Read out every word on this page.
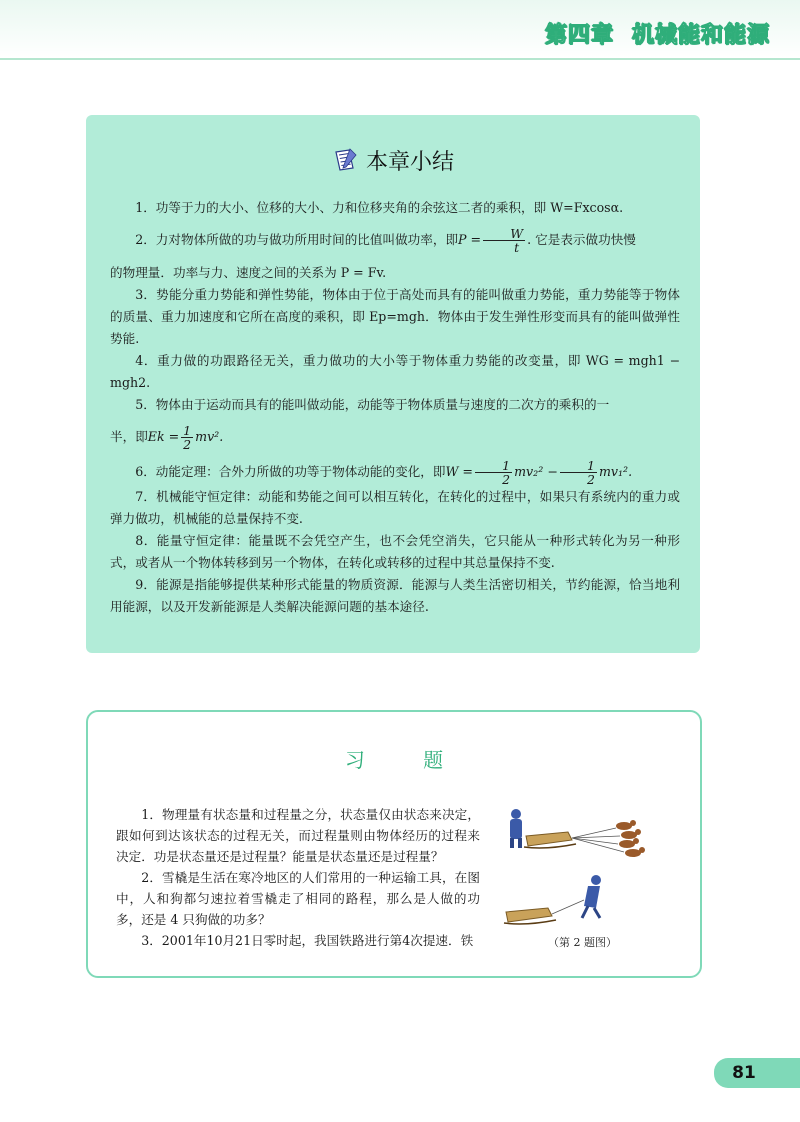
第四章 机械能和能源
本章小结

1．功等于力的大小、位移的大小、力和位移夹角的余弦这二者的乘积，即 W=Fxcosα.

2．力对物体所做的功与做功所用时间的比值叫做功率，即$P = \frac{W}{t}$ . 它是表示做功快慢

的物理量．功率与力、速度之间的关系为 P = Fv.

3．势能分重力势能和弹性势能，物体由于位于高处而具有的能叫做重力势能，重力势能等于物体的质量、重力加速度和它所在高度的乘积，即 Ep=mgh．物体由于发生弹性形变而具有的能叫做弹性势能.

4．重力做的功跟路径无关，重力做功的大小等于物体重力势能的改变量，即 WG = mgh1 − mgh2.

5．物体由于运动而具有的能叫做动能，动能等于物体质量与速度的二次方的乘积的一

半，即$Ek = \frac{1}{2} mv^2$.

6．动能定理：合外力所做的功等于物体动能的变化，即$W = \frac{1}{2} mv_2^2 - \frac{1}{2} mv_1^2$.

7．机械能守恒定律：动能和势能之间可以相互转化，在转化的过程中，如果只有系统内的重力或弹力做功，机械能的总量保持不变.

8．能量守恒定律：能量既不会凭空产生，也不会凭空消失，它只能从一种形式转化为另一种形式，或者从一个物体转移到另一个物体，在转化或转移的过程中其总量保持不变.

9．能源是指能够提供某种形式能量的物质资源．能源与人类生活密切相关，节约能源，恰当地利用能源，以及开发新能源是人类解决能源问题的基本途径.

习 题

1．物理量有状态量和过程量之分，状态量仅由状态来决定，跟如何到达该状态的过程无关，而过程量则由物体经历的过程来决定．功是状态量还是过程量？能量是状态量还是过程量？

2．雪橇是生活在寒冷地区的人们常用的一种运输工具，在图中，人和狗都匀速拉着雪橇走了相同的路程，那么是人做的功多，还是 4 只狗做的功多？

3．2001年10月21日零时起，我国铁路进行第4次提速．铁	（第 2 题图）
81
